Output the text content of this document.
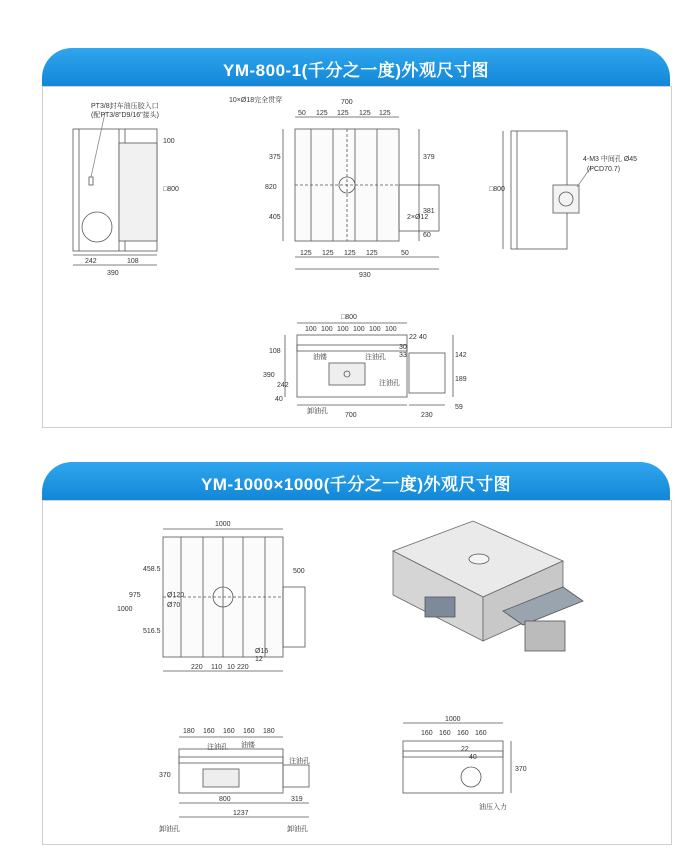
YM-800-1(千分之一度)外观尺寸图
PT3/8封车油压胶入口
(配PT3/8"D9/16"接头)
242	108
390
100
□800
10×Ø18完全贯穿	700
50 125 125 125 125
125 125 125 125	50
930
375
820
405
379
381
60
2×Ø12
□800
4-M3 中间孔 Ø45
(PCD70.7)
□800
100 100 100 100 100 100
22 40
30
33
108
390
242
40
142
189
59
700	230
油镂	注油孔
卸油孔
注油孔
YM-1000×1000(千分之一度)外观尺寸图
1000
500
975
1000
458.5
516.5
Ø120
Ø70
220 110 10 220
12
Ø16
180 160 160 160 180
370
800	319
1237
注油孔 油镂
注油孔
卸油孔	卸油孔
1000
160 160 160 160
22
40
370
油压入力
